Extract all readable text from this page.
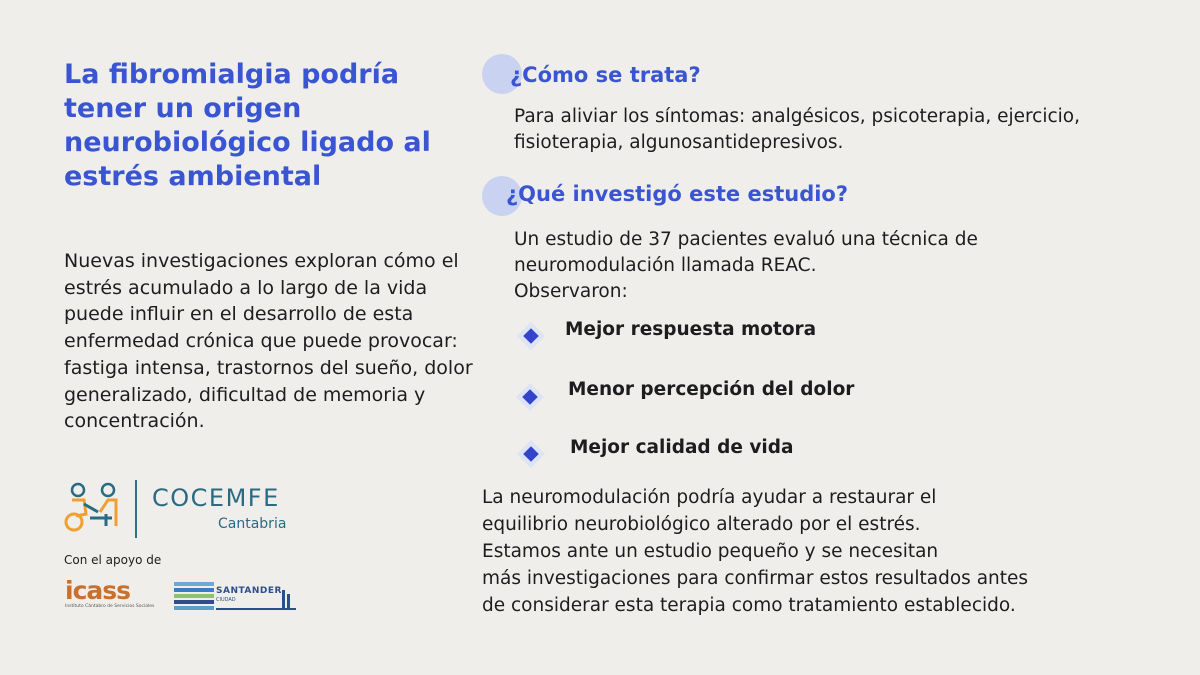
La fibromialgia podría tener un origen neurobiológico ligado al estrés ambiental
Nuevas investigaciones exploran cómo el estrés acumulado a lo largo de la vida puede influir en el desarrollo de esta enfermedad crónica que puede provocar: fastiga intensa, trastornos del sueño, dolor generalizado, dificultad de memoria y concentración.
COCEMFE
Cantabria
Con el apoyo de
icass
Instituto Cántabro de Servicios Sociales
SANTANDER
CIUDAD
¿Cómo se trata?
Para aliviar los síntomas: analgésicos, psicoterapia, ejercicio, fisioterapia, algunosantidepresivos.
¿Qué investigó este estudio?
Un estudio de 37 pacientes evaluó una técnica de
neuromodulación llamada REAC.
Observaron:
Mejor respuesta motora
Menor percepción del dolor
Mejor calidad de vida
La neuromodulación podría ayudar a restaurar el
equilibrio neurobiológico alterado por el estrés.
Estamos ante un estudio pequeño y se necesitan
más investigaciones para confirmar estos resultados antes
de considerar esta terapia como tratamiento establecido.
